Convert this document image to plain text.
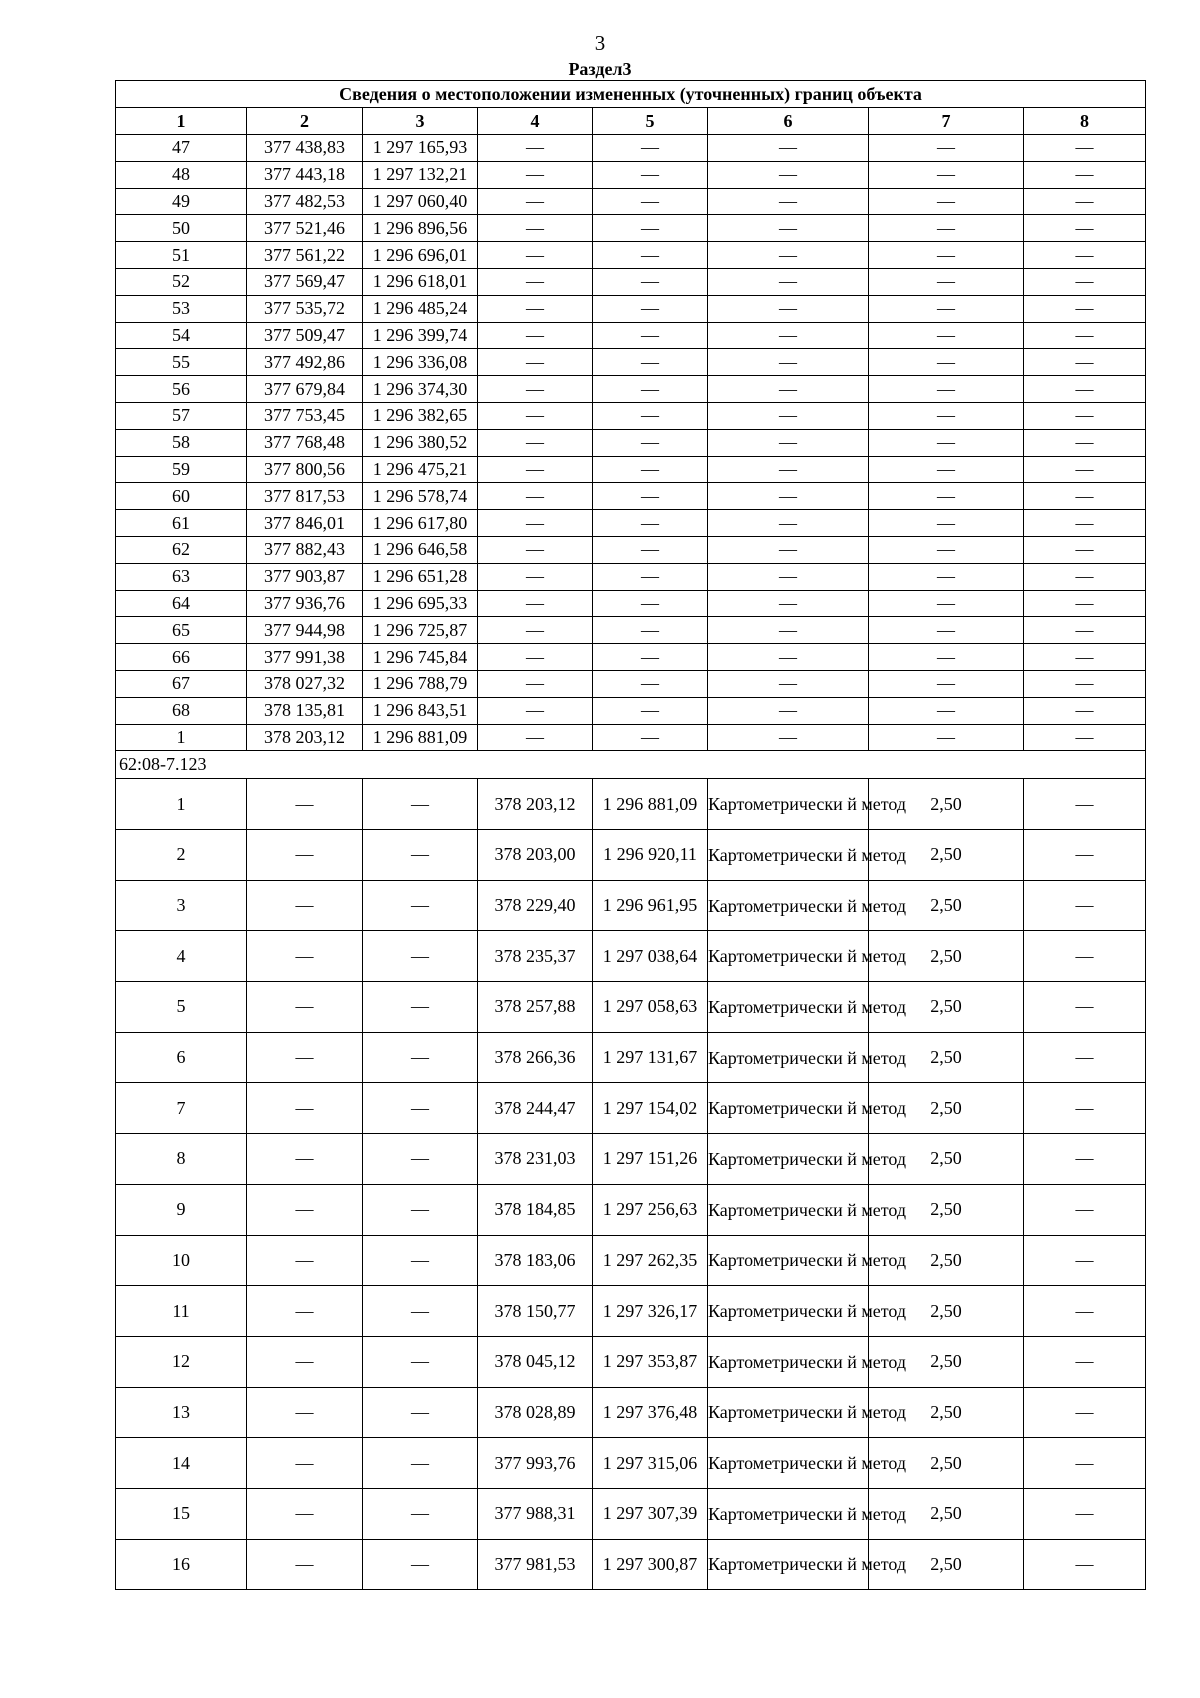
3
Раздел3
Сведения о местоположении измененных (уточненных) границ объекта							
1	2	3	4	5	6	7	8
47	377 438,83	1 297 165,93	—	—	—	—	—
48	377 443,18	1 297 132,21	—	—	—	—	—
49	377 482,53	1 297 060,40	—	—	—	—	—
50	377 521,46	1 296 896,56	—	—	—	—	—
51	377 561,22	1 296 696,01	—	—	—	—	—
52	377 569,47	1 296 618,01	—	—	—	—	—
53	377 535,72	1 296 485,24	—	—	—	—	—
54	377 509,47	1 296 399,74	—	—	—	—	—
55	377 492,86	1 296 336,08	—	—	—	—	—
56	377 679,84	1 296 374,30	—	—	—	—	—
57	377 753,45	1 296 382,65	—	—	—	—	—
58	377 768,48	1 296 380,52	—	—	—	—	—
59	377 800,56	1 296 475,21	—	—	—	—	—
60	377 817,53	1 296 578,74	—	—	—	—	—
61	377 846,01	1 296 617,80	—	—	—	—	—
62	377 882,43	1 296 646,58	—	—	—	—	—
63	377 903,87	1 296 651,28	—	—	—	—	—
64	377 936,76	1 296 695,33	—	—	—	—	—
65	377 944,98	1 296 725,87	—	—	—	—	—
66	377 991,38	1 296 745,84	—	—	—	—	—
67	378 027,32	1 296 788,79	—	—	—	—	—
68	378 135,81	1 296 843,51	—	—	—	—	—
1	378 203,12	1 296 881,09	—	—	—	—	—
62:08-7.123							
1	—	—	378 203,12	1 296 881,09	Картометрически й метод	2,50	—
2	—	—	378 203,00	1 296 920,11	Картометрически й метод	2,50	—
3	—	—	378 229,40	1 296 961,95	Картометрически й метод	2,50	—
4	—	—	378 235,37	1 297 038,64	Картометрически й метод	2,50	—
5	—	—	378 257,88	1 297 058,63	Картометрически й метод	2,50	—
6	—	—	378 266,36	1 297 131,67	Картометрически й метод	2,50	—
7	—	—	378 244,47	1 297 154,02	Картометрически й метод	2,50	—
8	—	—	378 231,03	1 297 151,26	Картометрически й метод	2,50	—
9	—	—	378 184,85	1 297 256,63	Картометрически й метод	2,50	—
10	—	—	378 183,06	1 297 262,35	Картометрически й метод	2,50	—
11	—	—	378 150,77	1 297 326,17	Картометрически й метод	2,50	—
12	—	—	378 045,12	1 297 353,87	Картометрически й метод	2,50	—
13	—	—	378 028,89	1 297 376,48	Картометрически й метод	2,50	—
14	—	—	377 993,76	1 297 315,06	Картометрически й метод	2,50	—
15	—	—	377 988,31	1 297 307,39	Картометрически й метод	2,50	—
16	—	—	377 981,53	1 297 300,87	Картометрически й метод	2,50	—
